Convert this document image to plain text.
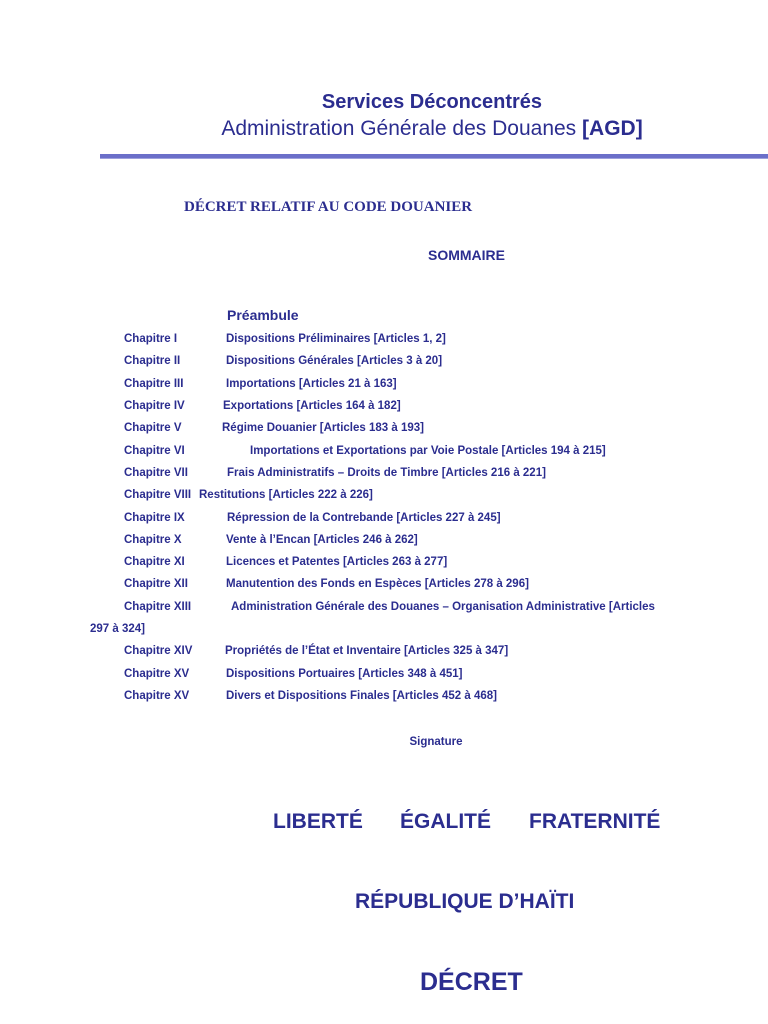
Services Déconcentrés
Administration Générale des Douanes [AGD]
DÉCRET RELATIF AU CODE DOUANIER
SOMMAIRE
Préambule
Chapitre I	Dispositions Préliminaires [Articles 1, 2]
Chapitre II	Dispositions Générales [Articles 3 à 20]
Chapitre III	Importations [Articles 21 à 163]
Chapitre IV	Exportations [Articles 164 à 182]
Chapitre V	Régime Douanier [Articles 183 à 193]
Chapitre VI	Importations et Exportations par Voie Postale [Articles 194 à 215]
Chapitre VII	Frais Administratifs – Droits de Timbre [Articles 216 à 221]
Chapitre VIII Restitutions [Articles 222 à 226]
Chapitre IX	Répression de la Contrebande [Articles 227 à 245]
Chapitre X	Vente à l’Encan [Articles 246 à 262]
Chapitre XI	Licences et Patentes [Articles 263 à 277]
Chapitre XII	Manutention des Fonds en Espèces [Articles 278 à 296]
Chapitre XIII	Administration Générale des Douanes – Organisation Administrative [Articles
297 à 324]
Chapitre XIV	Propriétés de l’État et Inventaire [Articles 325 à 347]
Chapitre XV	Dispositions Portuaires [Articles 348 à 451]
Chapitre XV	Divers et Dispositions Finales [Articles 452 à 468]
Signature
LIBERTÉ ÉGALITÉ FRATERNITÉ
RÉPUBLIQUE D’HAÏTI
DÉCRET
